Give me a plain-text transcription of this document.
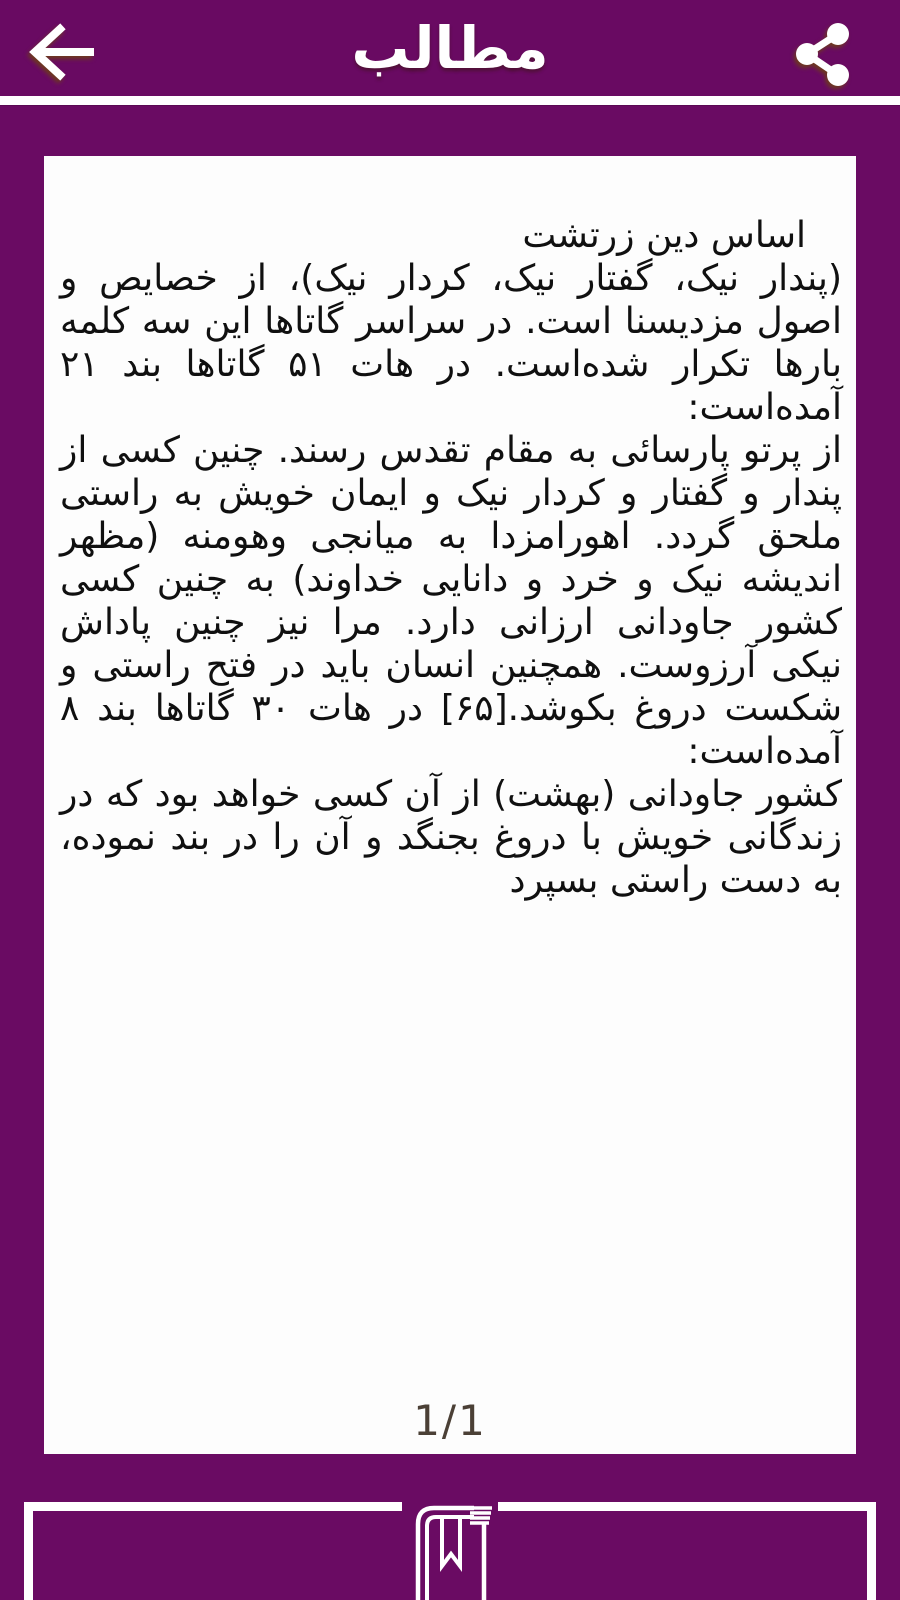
مطالب

اساس دین زرتشت

(پندار نیک، گفتار نیک، کردار نیک)، از خصایص و اصول مزدیسنا است. در سراسر گاتاها این سه کلمه بارها تکرار شده‌است. در هات ۵۱ گاتاها بند ۲۱ آمده‌است:

از پرتو پارسائی به مقام تقدس رسند. چنین کسی از پندار و گفتار و کردار نیک و ایمان خویش به راستی ملحق گردد. اهورامزدا به میانجی وهومنه (مظهر اندیشه نیک و خرد و دانایی خداوند) به چنین کسی کشور جاودانی ارزانی دارد. مرا نیز چنین پاداش نیکی آرزوست. همچنین انسان باید در فتح راستی و شکست دروغ بکوشد.[۶۵] در هات ۳۰ گاتاها بند ۸ آمده‌است:

کشور جاودانی (بهشت) از آن کسی خواهد بود که در زندگانی خویش با دروغ بجنگد و آن را در بند نموده، به دست راستی بسپرد

1/1
